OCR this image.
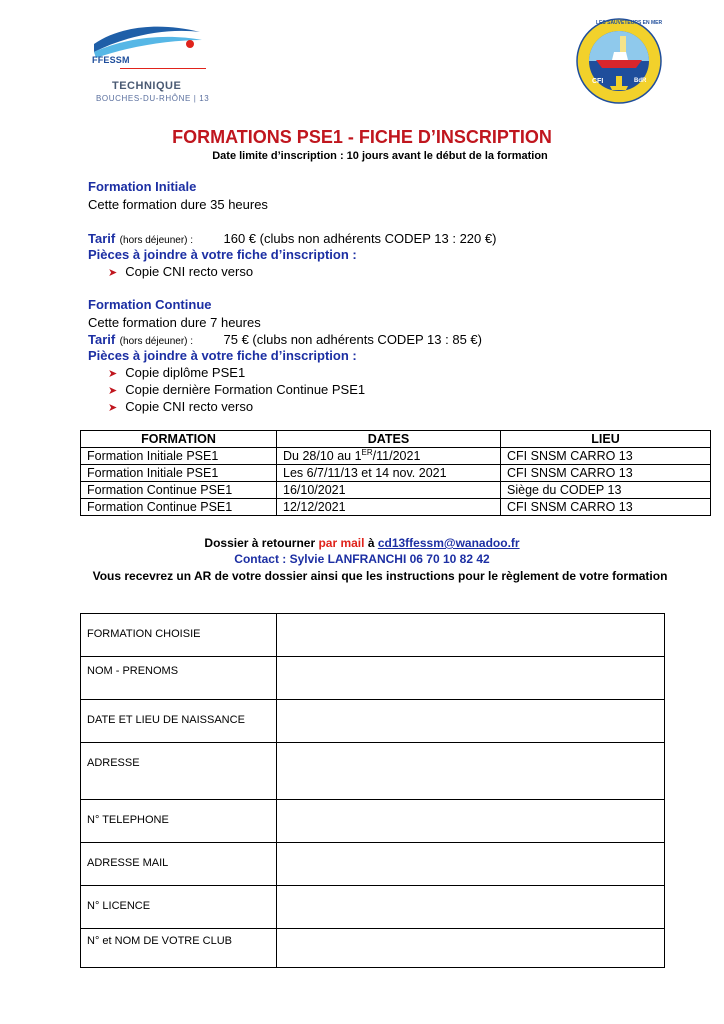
FFESSM
TECHNIQUE
BOUCHES-DU-RHÔNE | 13
LES SAUVETEURS EN MER
CFI	BdR
FORMATIONS PSE1 - FICHE D’INSCRIPTION
Date limite d’inscription : 10 jours avant le début de la formation
Formation Initiale
Cette formation dure 35 heures
Tarif (hors déjeuner) : 160 € (clubs non adhérents CODEP 13 : 220 €)
Pièces à joindre à votre fiche d’inscription :
➤ Copie CNI recto verso
Formation Continue
Cette formation dure 7 heures
Tarif (hors déjeuner) : 75 € (clubs non adhérents CODEP 13 : 85 €)
Pièces à joindre à votre fiche d’inscription :
➤ Copie diplôme PSE1
➤ Copie dernière Formation Continue PSE1
➤ Copie CNI recto verso
FORMATION	DATES	LIEU
Formation Initiale PSE1	Du 28/10 au 1ER/11/2021	CFI SNSM CARRO 13
Formation Initiale PSE1	Les 6/7/11/13 et 14 nov. 2021	CFI SNSM CARRO 13
Formation Continue PSE1	16/10/2021	Siège du CODEP 13
Formation Continue PSE1	12/12/2021	CFI SNSM CARRO 13
Dossier à retourner par mail à cd13ffessm@wanadoo.fr
Contact : Sylvie LANFRANCHI 06 70 10 82 42
Vous recevrez un AR de votre dossier ainsi que les instructions pour le règlement de votre formation
FORMATION CHOISIE	
NOM - PRENOMS	
DATE ET LIEU DE NAISSANCE	
ADRESSE	
N° TELEPHONE	
ADRESSE MAIL	
N° LICENCE	
N° et NOM DE VOTRE CLUB	
